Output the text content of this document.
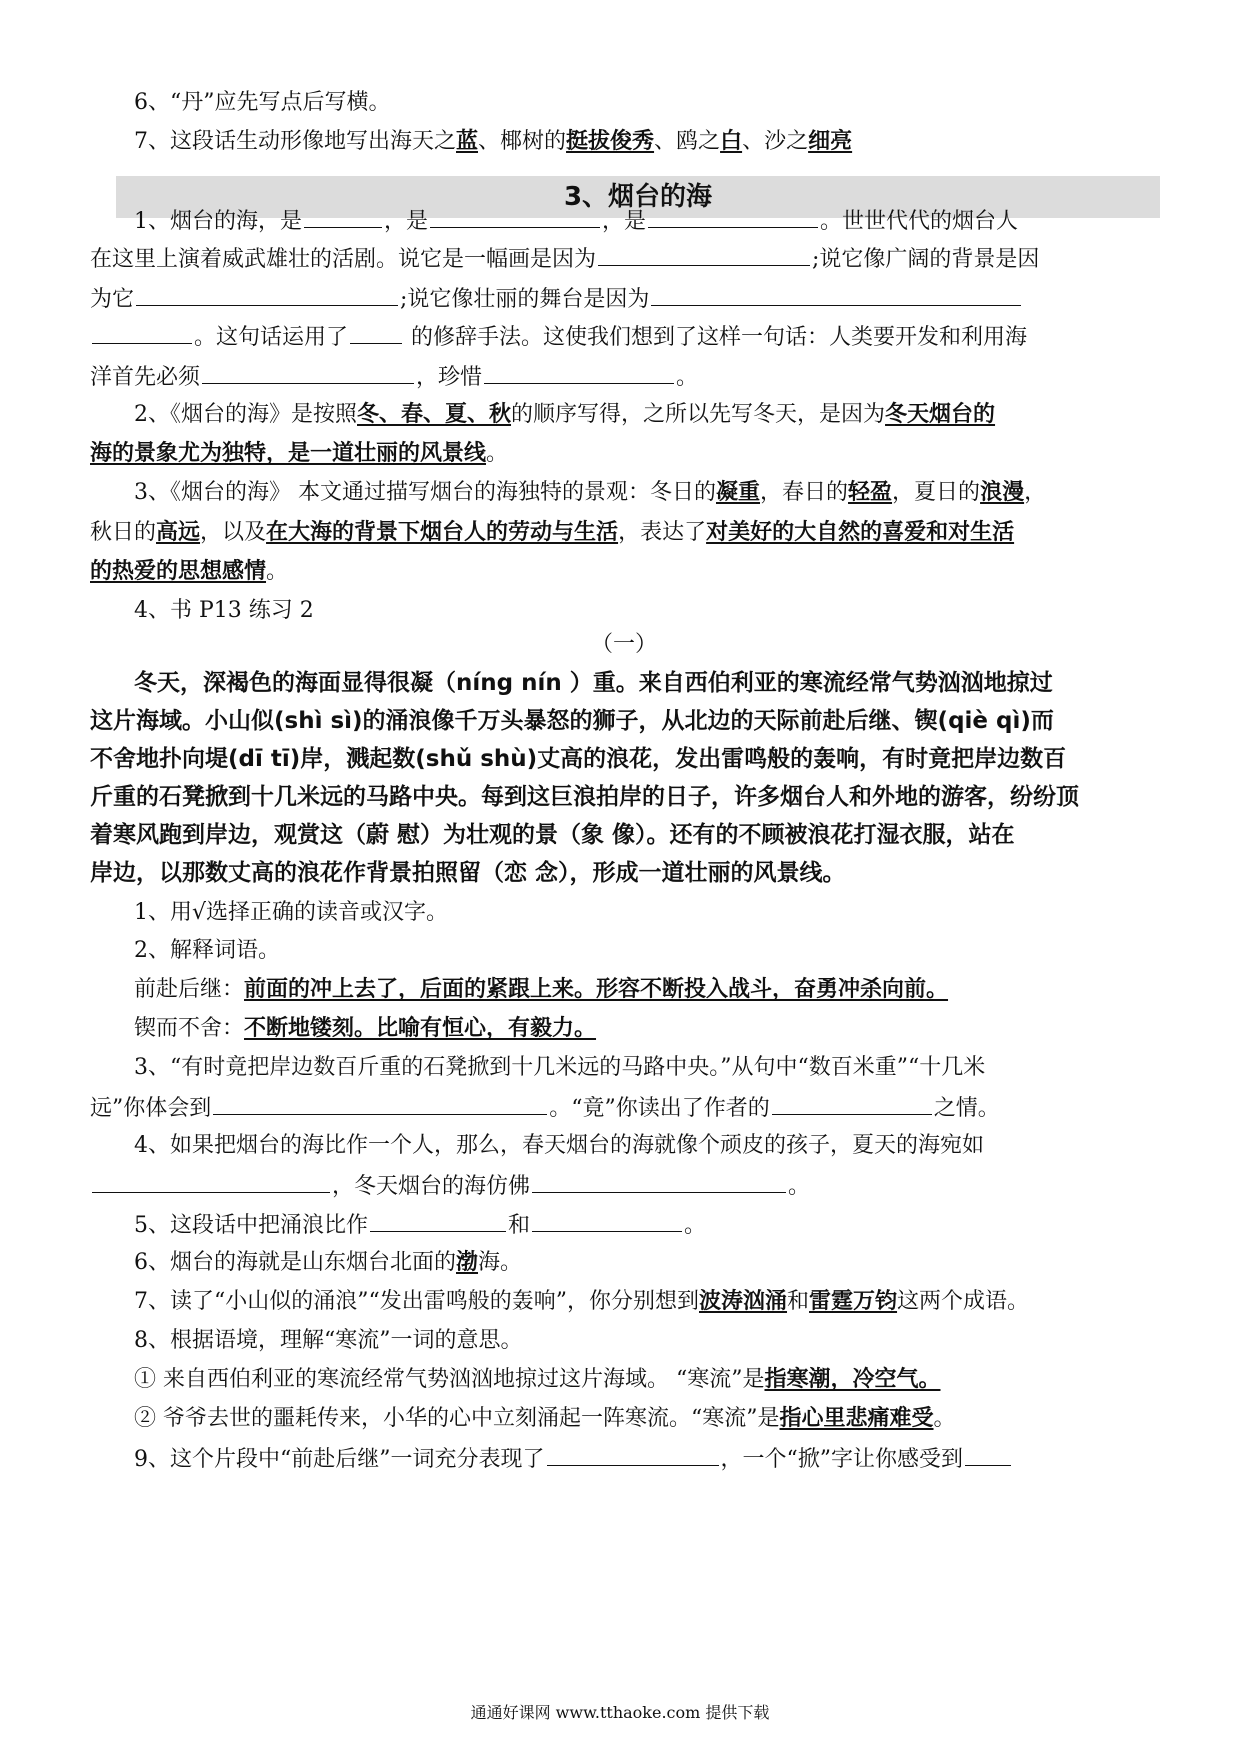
6、“丹”应先写点后写横。
7、这段话生动形像地写出海天之蓝、椰树的挺拔俊秀、鸥之白、沙之细亮
3、烟台的海
1、烟台的海，是	，是	，是	。世世代代的烟台人
在这里上演着威武雄壮的活剧。说它是一幅画是因为	;说它像广阔的背景是因
为它	;说它像壮丽的舞台是因为
。这句话运用了	的修辞手法。这使我们想到了这样一句话：人类要开发和利用海
洋首先必须	，珍惜	。
2、《烟台的海》是按照冬、春、夏、秋的顺序写得，之所以先写冬天，是因为冬天烟台的
海的景象尤为独特，是一道壮丽的风景线。
3、《烟台的海》 本文通过描写烟台的海独特的景观：冬日的凝重，春日的轻盈，夏日的浪漫，
秋日的高远，以及在大海的背景下烟台人的劳动与生活，表达了对美好的大自然的喜爱和对生活
的热爱的思想感情。
4、书 P13 练习 2
（一）
冬天，深褐色的海面显得很凝（níng nín ）重。来自西伯利亚的寒流经常气势汹汹地掠过
这片海域。小山似(shì sì)的涌浪像千万头暴怒的狮子，从北边的天际前赴后继、锲(qiè qì)而
不舍地扑向堤(dī tī)岸，溅起数(shǔ shù)丈高的浪花，发出雷鸣般的轰响，有时竟把岸边数百
斤重的石凳掀到十几米远的马路中央。每到这巨浪拍岸的日子，许多烟台人和外地的游客，纷纷顶
着寒风跑到岸边，观赏这（蔚 慰）为壮观的景（象 像）。还有的不顾被浪花打湿衣服，站在
岸边，以那数丈高的浪花作背景拍照留（恋 念），形成一道壮丽的风景线。
1、用√选择正确的读音或汉字。
2、解释词语。
前赴后继：前面的冲上去了，后面的紧跟上来。形容不断投入战斗，奋勇冲杀向前。
锲而不舍：不断地镂刻。比喻有恒心，有毅力。
3、“有时竟把岸边数百斤重的石凳掀到十几米远的马路中央。”从句中“数百米重”“十几米
远”你体会到	。“竟”你读出了作者的	之情。
4、如果把烟台的海比作一个人，那么，春天烟台的海就像个顽皮的孩子，夏天的海宛如
，冬天烟台的海仿佛	。
5、这段话中把涌浪比作	和	。
6、烟台的海就是山东烟台北面的渤海。
7、读了“小山似的涌浪”“发出雷鸣般的轰响”，你分别想到波涛汹涌和雷霆万钧这两个成语。
8、根据语境，理解“寒流”一词的意思。
① 来自西伯利亚的寒流经常气势汹汹地掠过这片海域。 “寒流”是指寒潮，冷空气。
② 爷爷去世的噩耗传来，小华的心中立刻涌起一阵寒流。“寒流”是指心里悲痛难受。
9、这个片段中“前赴后继”一词充分表现了	，一个“掀”字让你感受到
通通好课网 www.tthaoke.com 提供下载
